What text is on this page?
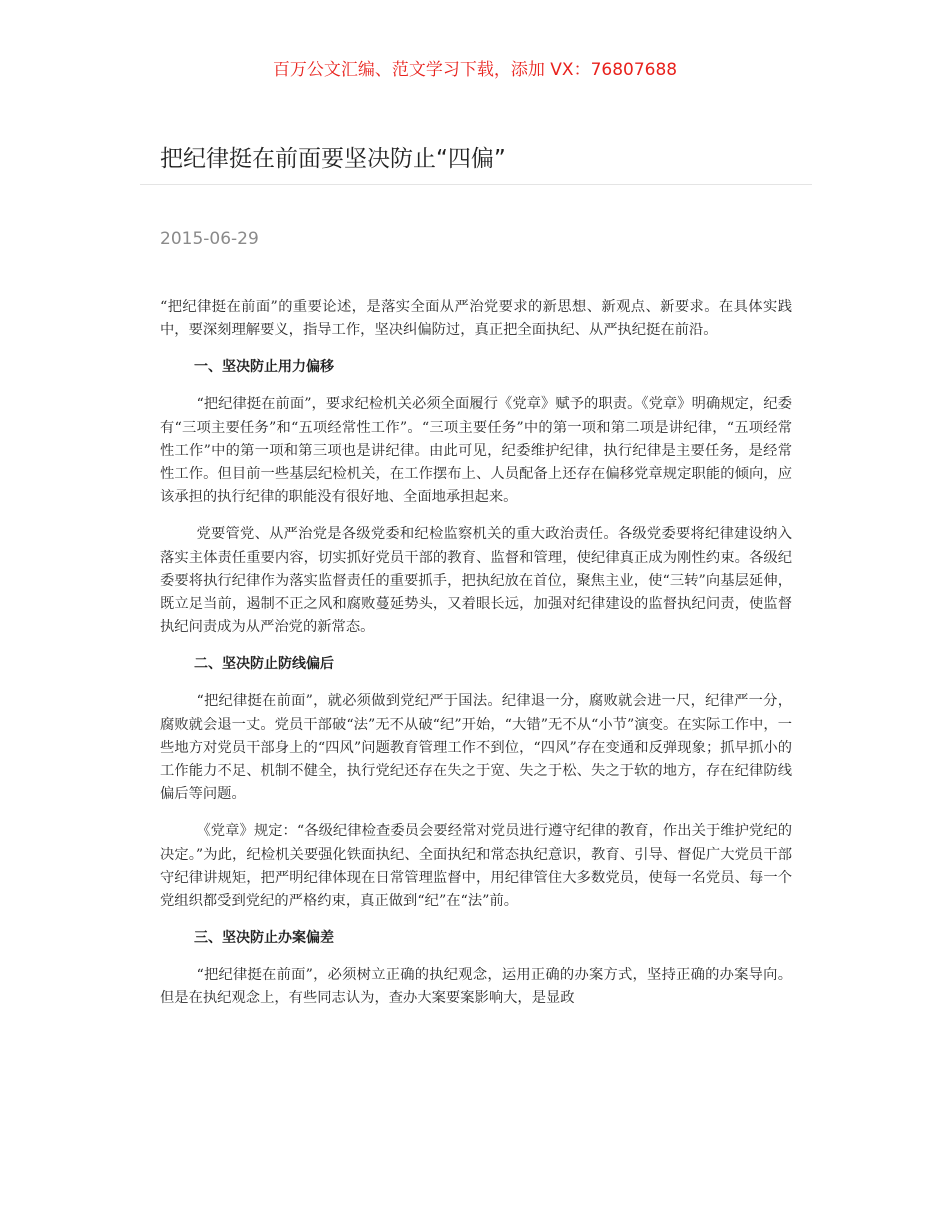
百万公文汇编、范文学习下载，添加 VX：76807688
把纪律挺在前面要坚决防止“四偏”
2015-06-29

“把纪律挺在前面”的重要论述，是落实全面从严治党要求的新思想、新观点、新要求。在具体实践中，要深刻理解要义，指导工作，坚决纠偏防过，真正把全面执纪、从严执纪挺在前沿。

一、坚决防止用力偏移

“把纪律挺在前面”，要求纪检机关必须全面履行《党章》赋予的职责。《党章》明确规定，纪委有“三项主要任务”和“五项经常性工作”。“三项主要任务”中的第一项和第二项是讲纪律，“五项经常性工作”中的第一项和第三项也是讲纪律。由此可见，纪委维护纪律，执行纪律是主要任务，是经常性工作。但目前一些基层纪检机关，在工作摆布上、人员配备上还存在偏移党章规定职能的倾向，应该承担的执行纪律的职能没有很好地、全面地承担起来。

党要管党、从严治党是各级党委和纪检监察机关的重大政治责任。各级党委要将纪律建设纳入落实主体责任重要内容，切实抓好党员干部的教育、监督和管理，使纪律真正成为刚性约束。各级纪委要将执行纪律作为落实监督责任的重要抓手，把执纪放在首位，聚焦主业，使“三转”向基层延伸，既立足当前，遏制不正之风和腐败蔓延势头，又着眼长远，加强对纪律建设的监督执纪问责，使监督执纪问责成为从严治党的新常态。

二、坚决防止防线偏后

“把纪律挺在前面”，就必须做到党纪严于国法。纪律退一分，腐败就会进一尺，纪律严一分，腐败就会退一丈。党员干部破“法”无不从破“纪”开始，“大错”无不从“小节”演变。在实际工作中，一些地方对党员干部身上的“四风”问题教育管理工作不到位，“四风”存在变通和反弹现象；抓早抓小的工作能力不足、机制不健全，执行党纪还存在失之于宽、失之于松、失之于软的地方，存在纪律防线偏后等问题。

《党章》规定：“各级纪律检查委员会要经常对党员进行遵守纪律的教育，作出关于维护党纪的决定。”为此，纪检机关要强化铁面执纪、全面执纪和常态执纪意识，教育、引导、督促广大党员干部守纪律讲规矩，把严明纪律体现在日常管理监督中，用纪律管住大多数党员，使每一名党员、每一个党组织都受到党纪的严格约束，真正做到“纪”在“法”前。

三、坚决防止办案偏差

“把纪律挺在前面”，必须树立正确的执纪观念，运用正确的办案方式，坚持正确的办案导向。但是在执纪观念上，有些同志认为，查办大案要案影响大，是显政
